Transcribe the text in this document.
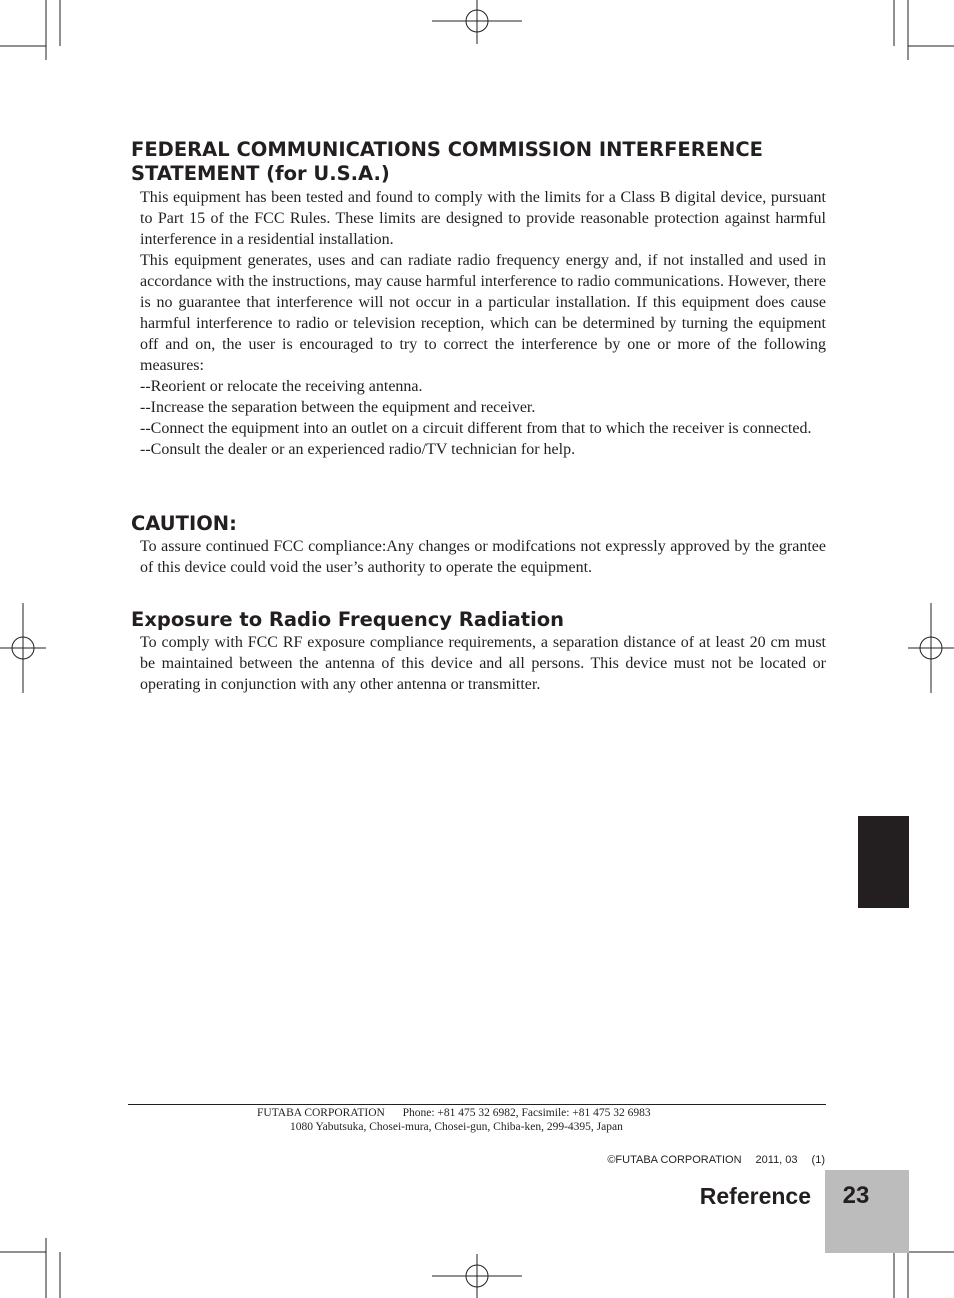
FEDERAL COMMUNICATIONS COMMISSION INTERFERENCE STATEMENT (for U.S.A.)

This equipment has been tested and found to comply with the limits for a Class B digital device, pursuant to Part 15 of the FCC Rules. These limits are designed to provide reasonable protection against harmful interference in a residential installation.

This equipment generates, uses and can radiate radio frequency energy and, if not installed and used in accordance with the instructions, may cause harmful interference to radio communications. However, there is no guarantee that interference will not occur in a particular installation. If this equipment does cause harmful interference to radio or television reception, which can be determined by turning the equipment off and on, the user is encouraged to try to correct the interference by one or more of the following measures:

--Reorient or relocate the receiving antenna.

--Increase the separation between the equipment and receiver.

--Connect the equipment into an outlet on a circuit different from that to which the receiver is connected.

--Consult the dealer or an experienced radio/TV technician for help.

CAUTION:

To assure continued FCC compliance:Any changes or modifcations not expressly approved by the grantee of this device could void the user’s authority to operate the equipment.

Exposure to Radio Frequency Radiation

To comply with FCC RF exposure compliance requirements, a separation distance of at least 20 cm must be maintained between the antenna of this device and all persons. This device must not be located or operating in conjunction with any other antenna or transmitter.

FUTABA CORPORATION Phone: +81 475 32 6982, Facsimile: +81 475 32 6983
1080 Yabutsuka, Chosei-mura, Chosei-gun, Chiba-ken, 299-4395, Japan
©FUTABA CORPORATION 2011, 03 (1)
Reference	23
